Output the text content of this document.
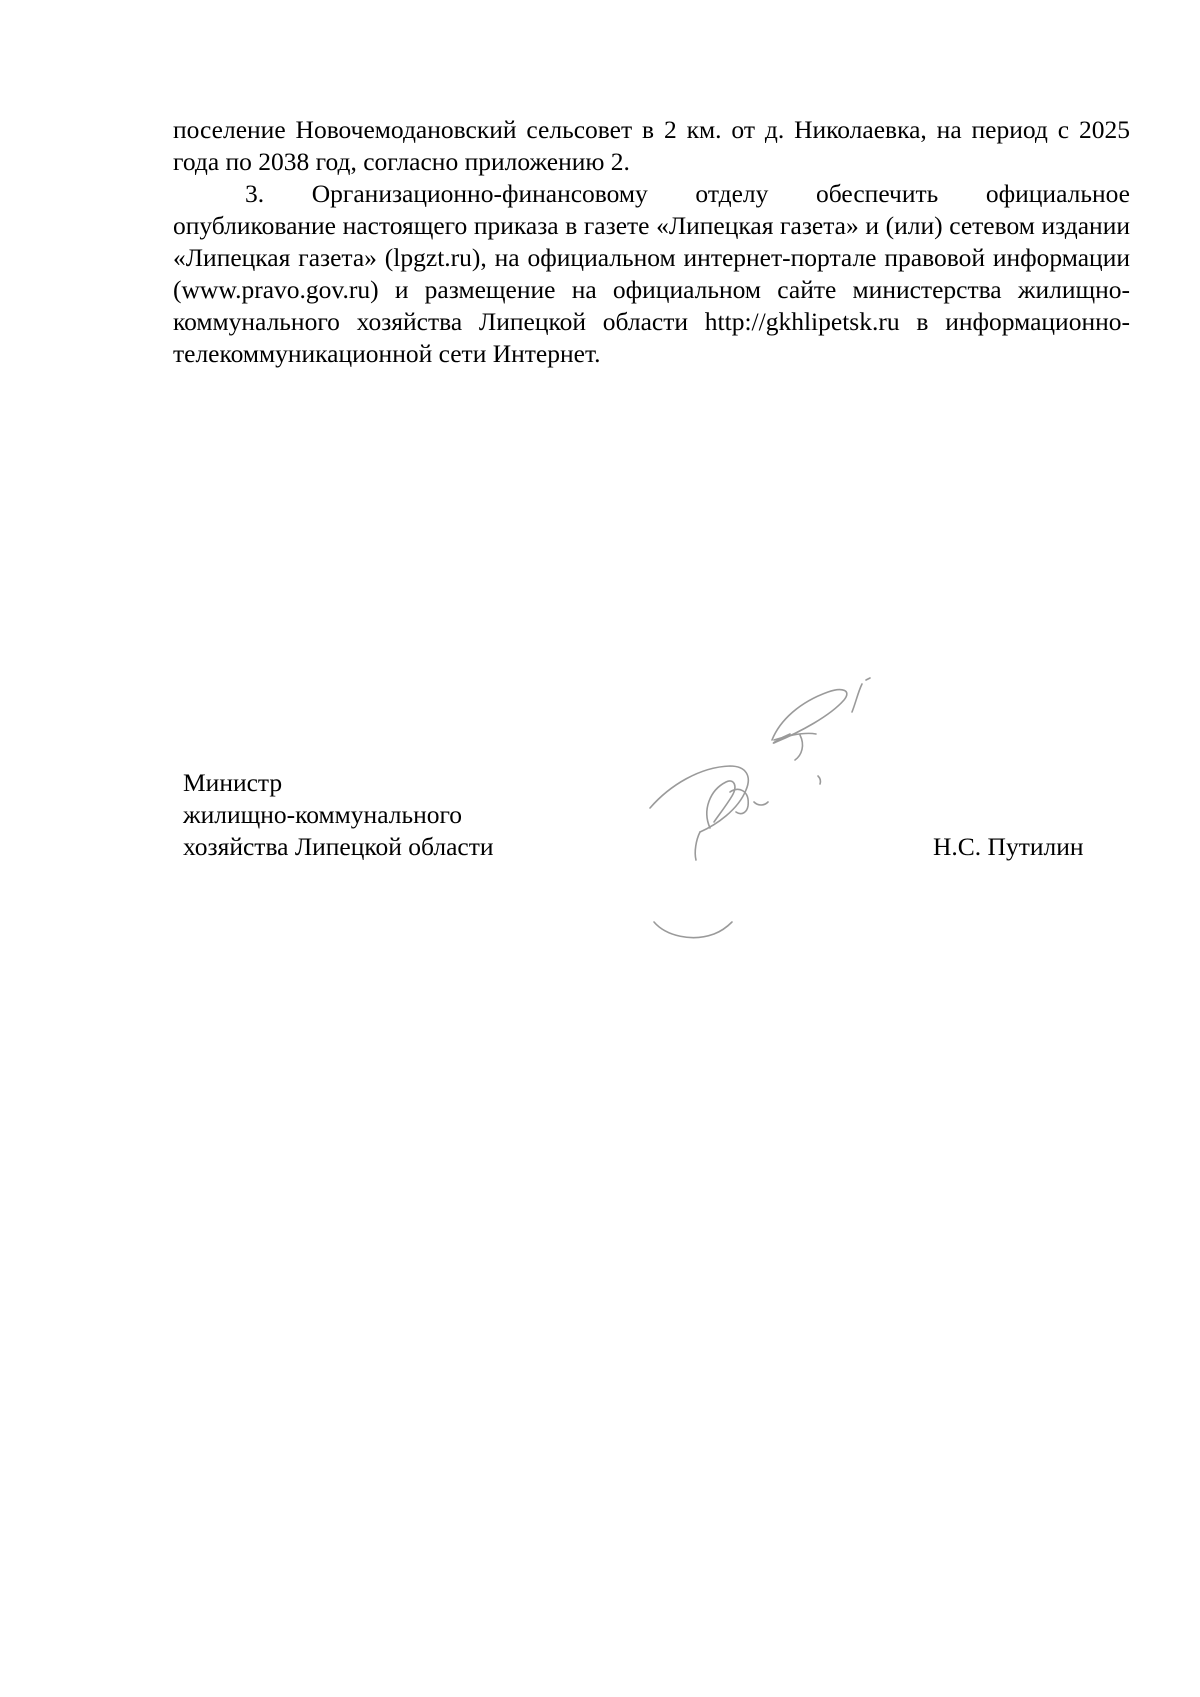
поселение Новочемодановский сельсовет в 2 км. от д. Николаевка, на период с 2025 года по 2038 год, согласно приложению 2.

3. Организационно-финансовому отделу обеспечить официальное опубликование настоящего приказа в газете «Липецкая газета» и (или) сетевом издании «Липецкая газета» (lpgzt.ru), на официальном интернет-портале правовой информации (www.pravo.gov.ru) и размещение на официальном сайте министерства жилищно-коммунального хозяйства Липецкой области http://gkhlipetsk.ru в информационно-телекоммуникационной сети Интернет.

Министр
жилищно-коммунального
хозяйства Липецкой области	Н.С. Путилин
